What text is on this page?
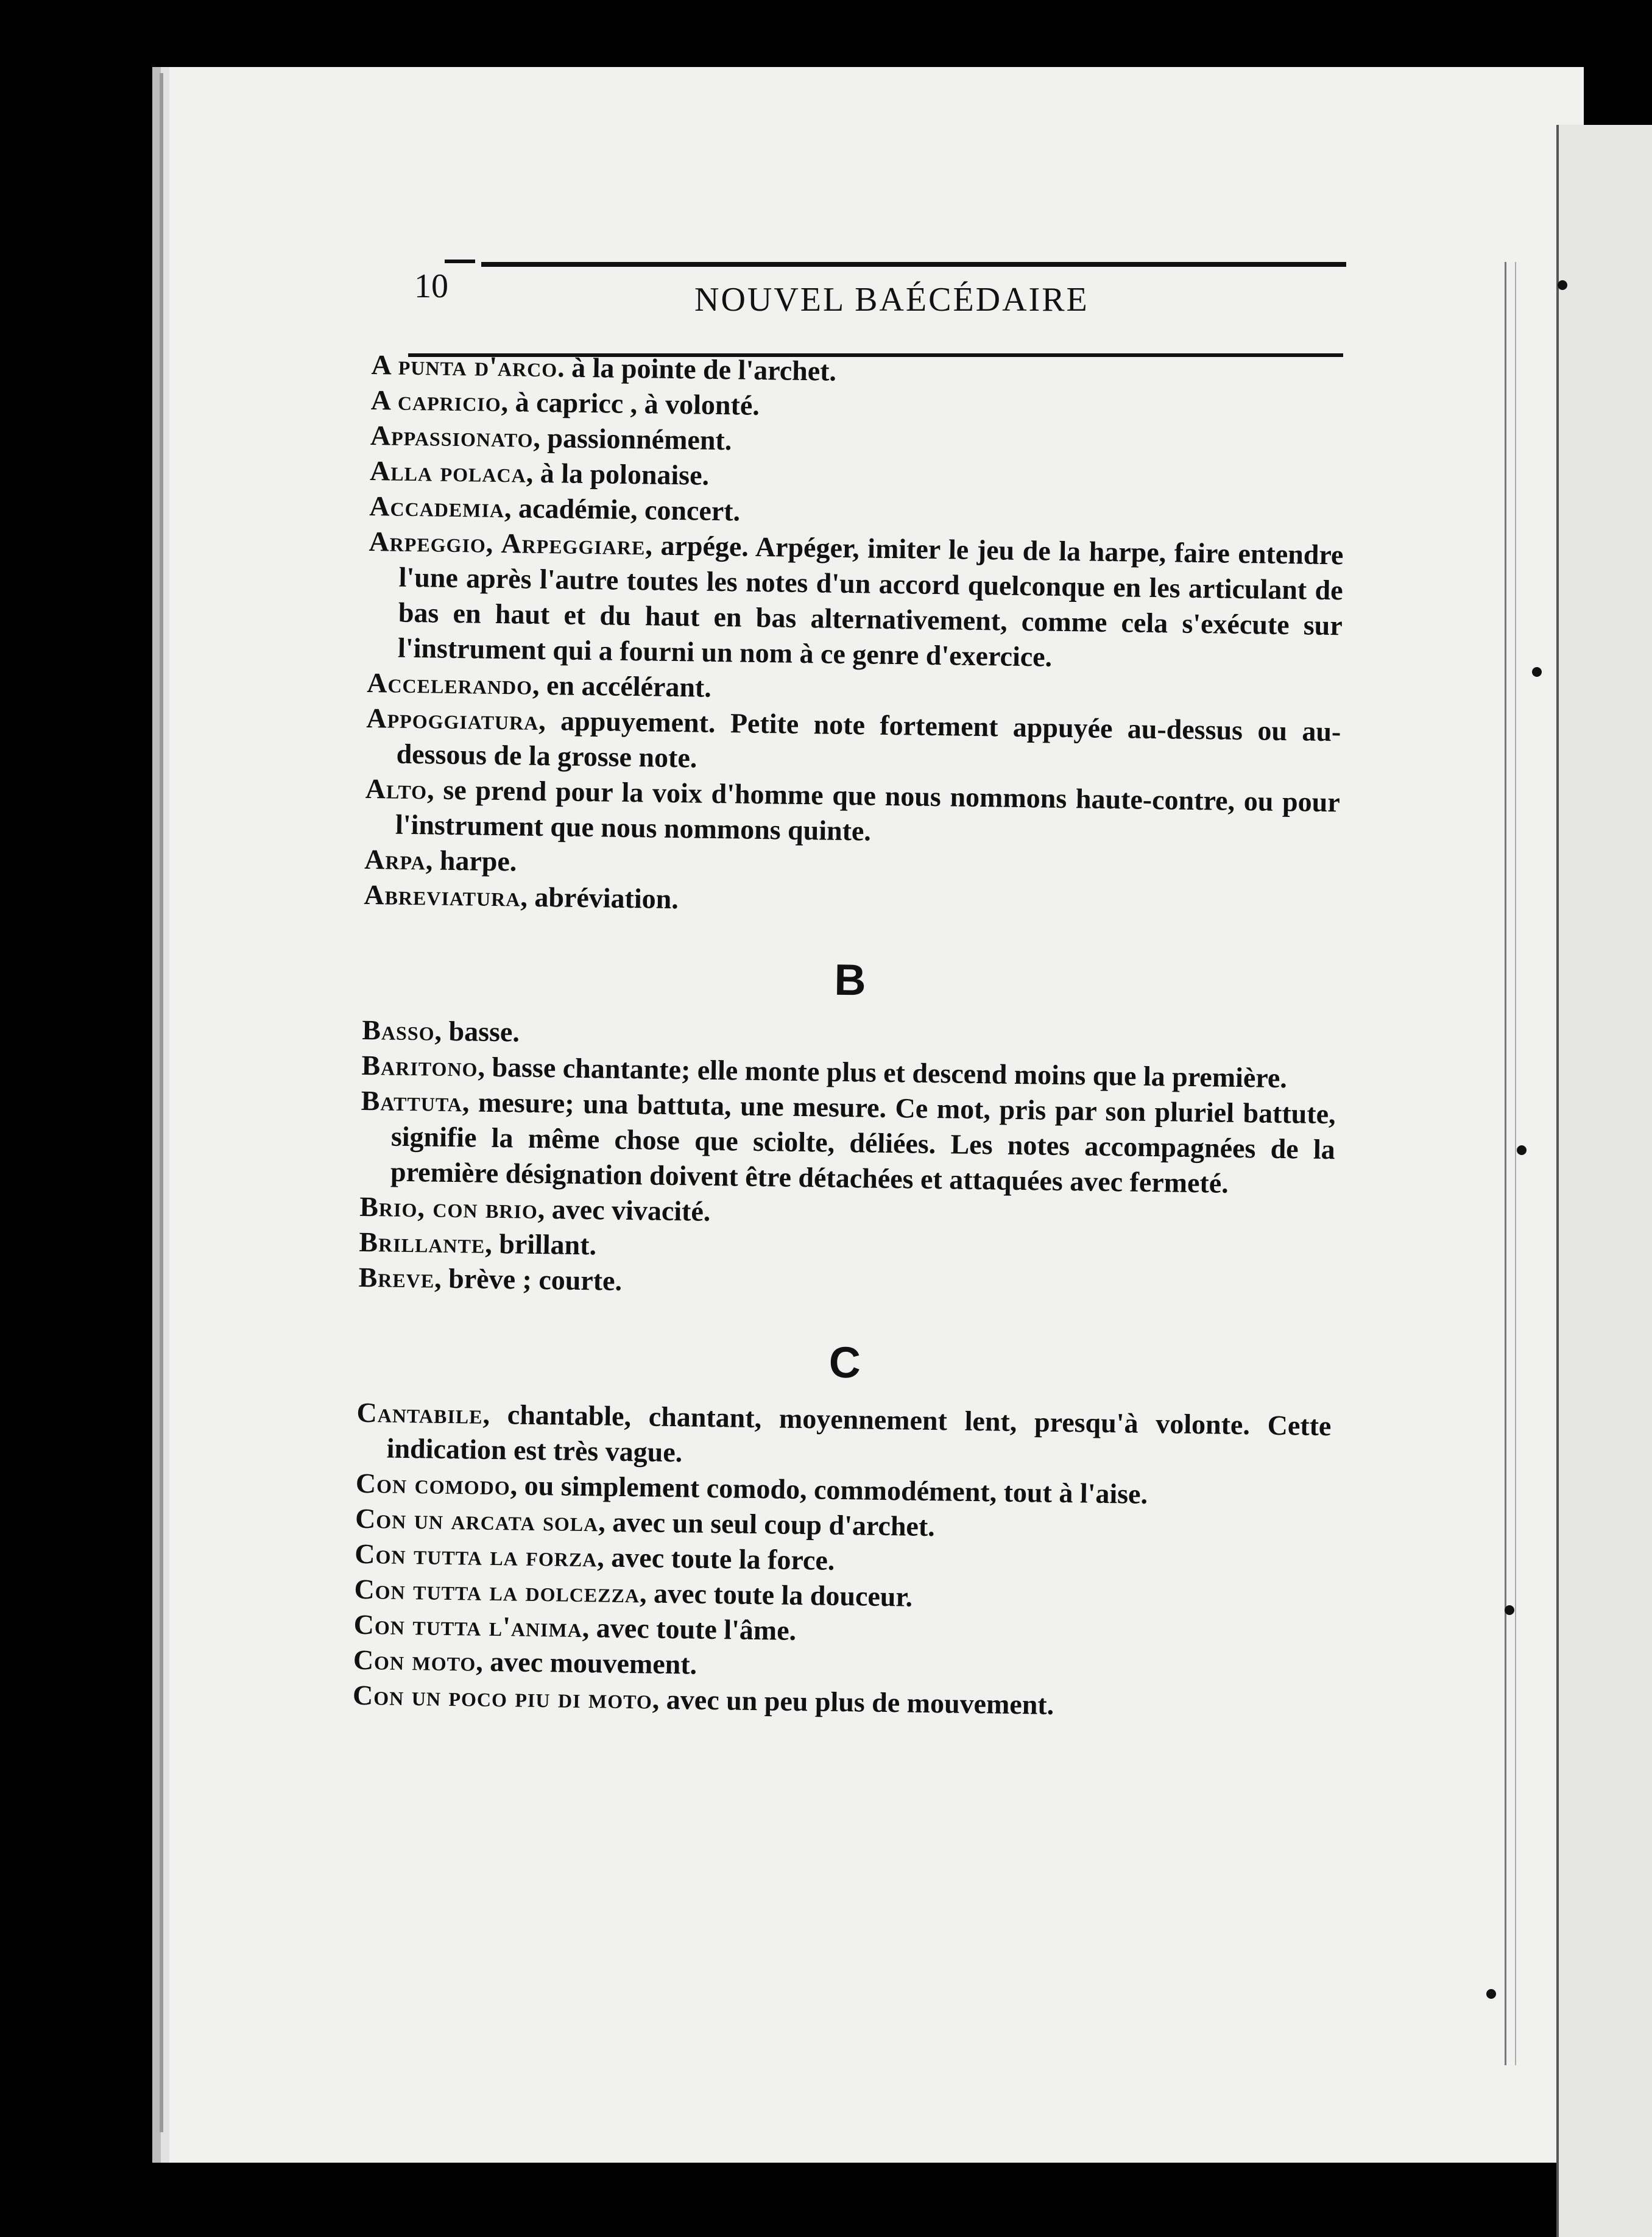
10	NOUVEL BAÉCÉDAIRE

A punta d'arco. à la pointe de l'archet.

A capricio, à capricc , à volonté.

Appassionato, passionnément.

Alla polaca, à la polonaise.

Accademia, académie, concert.

Arpeggio, Arpeggiare, arpége. Arpéger, imiter le jeu de la harpe, faire entendre l'une après l'autre toutes les notes d'un accord quelconque en les articulant de bas en haut et du haut en bas alternativement, comme cela s'exécute sur l'instrument qui a fourni un nom à ce genre d'exercice.

Accelerando, en accélérant.

Appoggiatura, appuyement. Petite note fortement appuyée au-dessus ou au-dessous de la grosse note.

Alto, se prend pour la voix d'homme que nous nommons haute-contre, ou pour l'instrument que nous nommons quinte.

Arpa, harpe.

Abreviatura, abréviation.

B

Basso, basse.

Baritono, basse chantante; elle monte plus et descend moins que la première.

Battuta, mesure; una battuta, une mesure. Ce mot, pris par son pluriel battute, signifie la même chose que sciolte, déliées. Les notes accompagnées de la première désignation doivent être détachées et attaquées avec fermeté.

Brio, con brio, avec vivacité.

Brillante, brillant.

Breve, brève ; courte.

C

Cantabile, chantable, chantant, moyennement lent, presqu'à volonte. Cette indication est très vague.

Con comodo, ou simplement comodo, commodément, tout à l'aise.

Con un arcata sola, avec un seul coup d'archet.

Con tutta la forza, avec toute la force.

Con tutta la dolcezza, avec toute la douceur.

Con tutta l'anima, avec toute l'âme.

Con moto, avec mouvement.

Con un poco piu di moto, avec un peu plus de mouvement.
